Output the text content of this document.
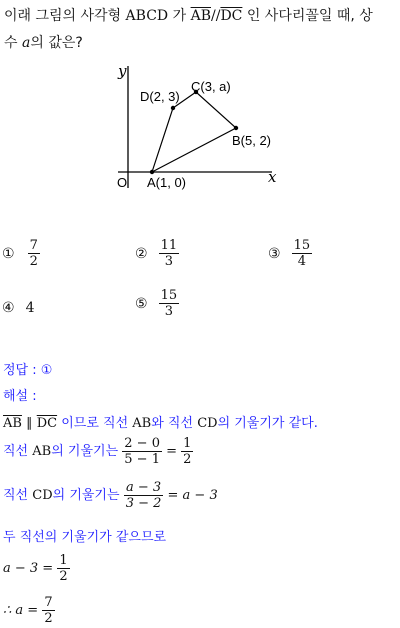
이래 그림의 사각형 ABCD 가 $\overline{AB}//\overline{DC}$ 인 사다리꼴일 때, 상
수 a의 값은?
y
x
O A(1, 0)
B(5, 2)
C(3, a)
D(2, 3)
① $\frac{7}{2}$	② $\frac{11}{3}$	③ $\frac{15}{4}$
④ 4	⑤ $\frac{15}{3}$
정답 : ①
해설 :
$\overline{AB}$ ∥ $\overline{DC}$ 이므로 직선 AB와 직선 CD의 기울기가 같다.
직선 AB의 기울기는 $\frac{2 - 0}{5 - 1} = \frac{1}{2}$
직선 CD의 기울기는 $\frac{a - 3}{3 - 2} = a - 3$
두 직선의 기울기가 같으므로
$a - 3 = \frac{1}{2}$
∴ $a = \frac{7}{2}$
